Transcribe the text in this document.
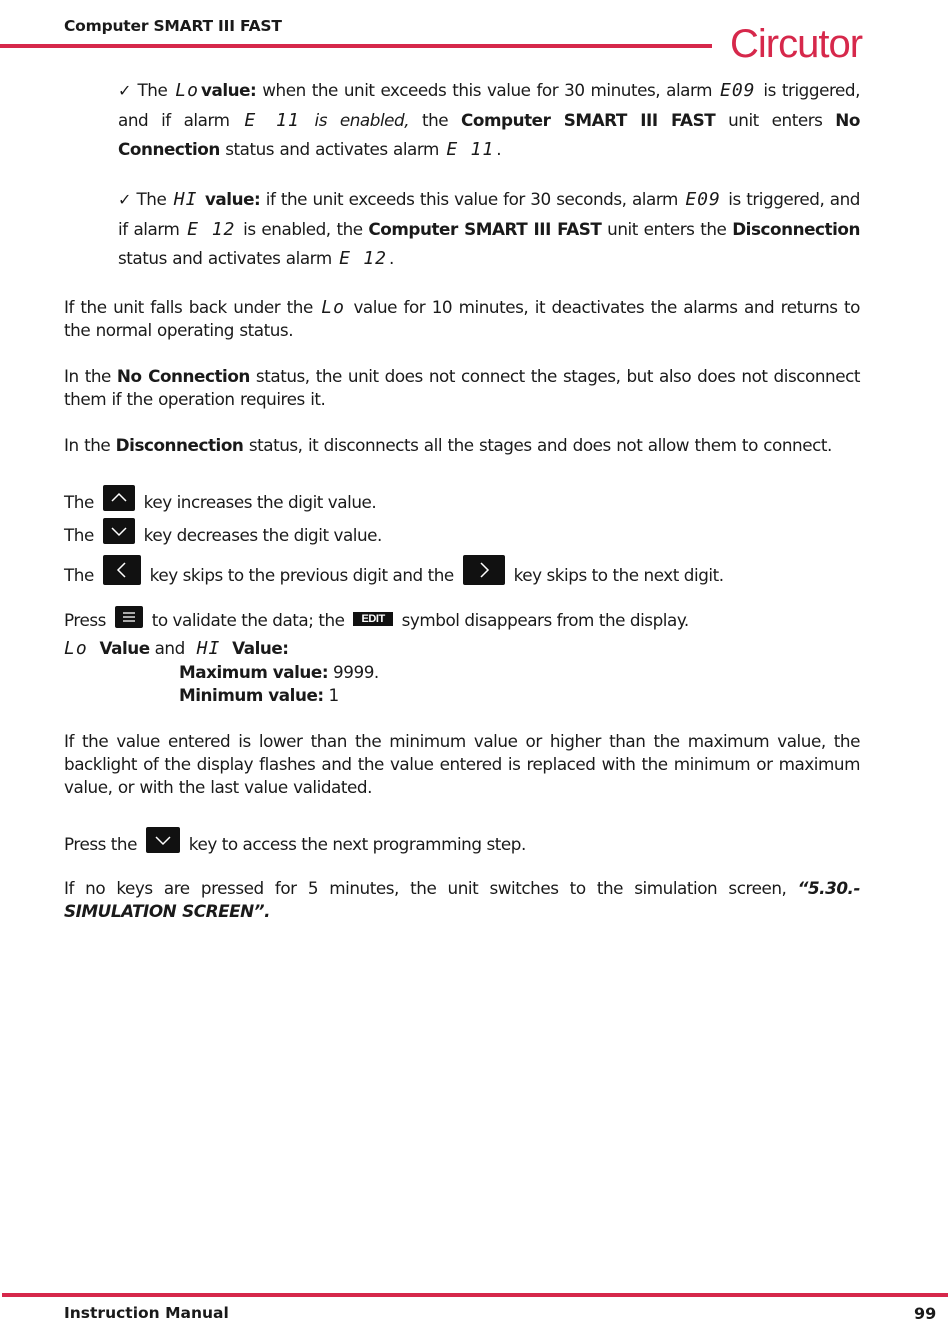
Computer SMART III FAST	Circutor
✓ The Lo value: when the unit exceeds this value for 30 minutes, alarm E09 is triggered, and if alarm E 11 is enabled, the Computer SMART III FAST unit enters No Connection status and activates alarm E 11 .
✓ The HI value: if the unit exceeds this value for 30 seconds, alarm E09 is triggered, and if alarm E 12 is enabled, the Computer SMART III FAST unit enters the Disconnection status and activates alarm E 12 .
If the unit falls back under the Lo value for 10 minutes, it deactivates the alarms and returns to the normal operating status.
In the No Connection status, the unit does not connect the stages, but also does not disconnect them if the operation requires it.
In the Disconnection status, it disconnects all the stages and does not allow them to connect.
The	key increases the digit value.
The	key decreases the digit value.
The	key skips to the previous digit and the	key skips to the next digit.
Press	to validate the data; the EDIT symbol disappears from the display.
Lo Value and HI Value:
Maximum value: 9999.
Minimum value: 1
If the value entered is lower than the minimum value or higher than the maximum value, the backlight of the display flashes and the value entered is replaced with the minimum or maximum value, or with the last value validated.
Press the	key to access the next programming step.
If no keys are pressed for 5 minutes, the unit switches to the simulation screen, “5.30.- SIMULATION SCREEN”.
Instruction Manual	99
